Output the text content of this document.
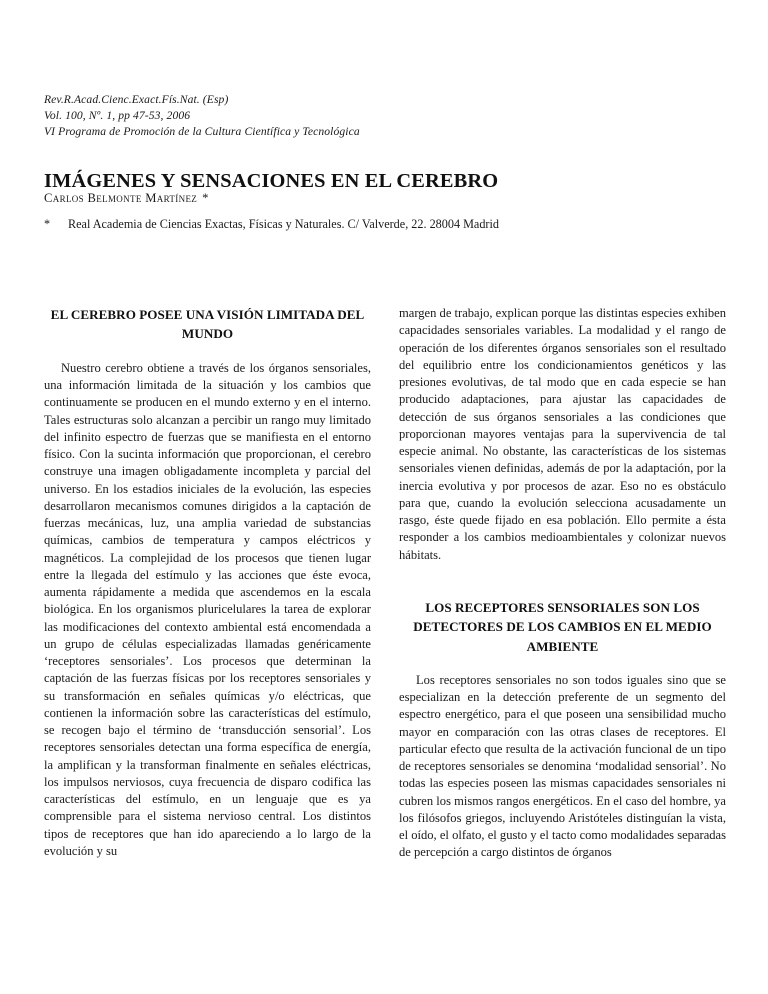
Rev.R.Acad.Cienc.Exact.Fís.Nat. (Esp)
Vol. 100, Nº. 1, pp 47-53, 2006
VI Programa de Promoción de la Cultura Científica y Tecnológica
IMÁGENES Y SENSACIONES EN EL CEREBRO
Carlos Belmonte Martínez *
*	Real Academia de Ciencias Exactas, Físicas y Naturales. C/ Valverde, 22. 28004 Madrid
EL CEREBRO POSEE UNA VISIÓN LIMITADA DEL MUNDO

Nuestro cerebro obtiene a través de los órganos sensoriales, una información limitada de la situación y los cambios que continuamente se producen en el mundo externo y en el interno. Tales estructuras solo alcanzan a percibir un rango muy limitado del infinito espectro de fuerzas que se manifiesta en el entorno físico. Con la sucinta información que proporcionan, el cerebro construye una imagen obligadamente incompleta y parcial del universo. En los estadios iniciales de la evolución, las especies desarrollaron mecanismos comunes dirigidos a la captación de fuerzas mecánicas, luz, una amplia variedad de substancias químicas, cambios de temperatura y campos eléctricos y magnéticos. La complejidad de los procesos que tienen lugar entre la llegada del estímulo y las acciones que éste evoca, aumenta rápidamente a medida que ascendemos en la escala biológica. En los organismos pluricelulares la tarea de explorar las modificaciones del contexto ambiental está encomendada a un grupo de células especializadas llamadas genéricamente ‘receptores sensoriales’. Los procesos que determinan la captación de las fuerzas físicas por los receptores sensoriales y su transformación en señales químicas y/o eléctricas, que contienen la información sobre las características del estímulo, se recogen bajo el término de ‘transducción sensorial’. Los receptores sensoriales detectan una forma específica de energía, la amplifican y la transforman finalmente en señales eléctricas, los impulsos nerviosos, cuya frecuencia de disparo codifica las características del estímulo, en un lenguaje que es ya comprensible para el sistema nervioso central. Los distintos tipos de receptores que han ido apareciendo a lo largo de la evolución y su

margen de trabajo, explican porque las distintas especies exhiben capacidades sensoriales variables. La modalidad y el rango de operación de los diferentes órganos sensoriales son el resultado del equilibrio entre los condicionamientos genéticos y las presiones evolutivas, de tal modo que en cada especie se han producido adaptaciones, para ajustar las capacidades de detección de sus órganos sensoriales a las condiciones que proporcionan mayores ventajas para la supervivencia de tal especie animal. No obstante, las características de los sistemas sensoriales vienen definidas, además de por la adaptación, por la inercia evolutiva y por procesos de azar. Eso no es obstáculo para que, cuando la evolución selecciona acusadamente un rasgo, éste quede fijado en esa población. Ello permite a ésta responder a los cambios medioambientales y colonizar nuevos hábitats.

LOS RECEPTORES SENSORIALES SON LOS DETECTORES DE LOS CAMBIOS EN EL MEDIO AMBIENTE

Los receptores sensoriales no son todos iguales sino que se especializan en la detección preferente de un segmento del espectro energético, para el que poseen una sensibilidad mucho mayor en comparación con las otras clases de receptores. El particular efecto que resulta de la activación funcional de un tipo de receptores sensoriales se denomina ‘modalidad sensorial’. No todas las especies poseen las mismas capacidades sensoriales ni cubren los mismos rangos energéticos. En el caso del hombre, ya los filósofos griegos, incluyendo Aristóteles distinguían la vista, el oído, el olfato, el gusto y el tacto como modalidades separadas de percepción a cargo distintos de órganos
